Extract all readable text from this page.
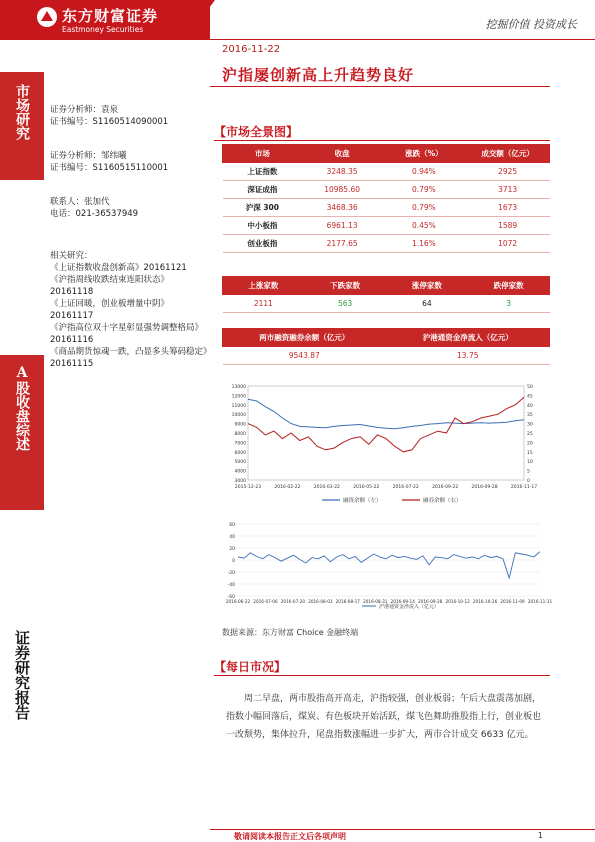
东方财富证券
Eastmoney Securities	挖掘价值 投资成长
市场研究
A股收盘综述
证券研究报告
2016-11-22
沪指屡创新高上升趋势良好
证券分析师：袁泉
证书编号：S1160514090001
证券分析师：邹纬曦
证书编号：S1160515110001
联系人：张加代
电话：021-36537949
相关研究：
《上证指数收盘创新高》20161121
《沪指周线收跌结束连阳状态》20161118
《上证回暖，创业板增量中阴》20161117
《沪指高位双十字星彰显强势调整格局》20161116
《商品期货惊魂一跌，凸显多头筹码稳定》20161115
【市场全景图】
市场	收盘	涨跌（%）	成交额（亿元）
上证指数	3248.35	0.94%	2925
深证成指	10985.60	0.79%	3713
沪深 300	3468.36	0.79%	1673
中小板指	6961.13	0.45%	1589
创业板指	2177.65	1.16%	1072
上涨家数	下跌家数	涨停家数	跌停家数
2111	563	64	3
两市融资融券余额（亿元）	沪港通资金净流入（亿元）
9543.87	13.75
13000
12000
11000
10000
9000
8000
7000
6000
5000
4000
3000
50
45
40
35
30
25
20
15
10
5
0
2015-12-23	2016-02-22	2016-03-22	2016-05-22	2016-07-22	2016-09-22	2016-09-28	2016-11-17
融资余额（左）	融券余额（右）
60
40
20
0
-20
-40
-60
2016-06-22 2016-07-06 2016-07-20 2016-08-03 2016-08-17 2016-08-31 2016-09-14 2016-09-28 2016-10-12 2016-10-26 2016-11-09 2016-11-11
沪港通资金净流入（亿元）
数据来源：东方财富 Choice 金融终端
【每日市况】
周二早盘，两市股指高开高走，沪指较强，创业板弱；午后大盘震荡加剧，指数小幅回落后，煤炭、有色板块开始活跃，煤飞色舞助推股指上行，创业板也一改颓势，集体拉升，尾盘指数涨幅进一步扩大，两市合计成交 6633 亿元。
敬请阅读本报告正文后各项声明	1
